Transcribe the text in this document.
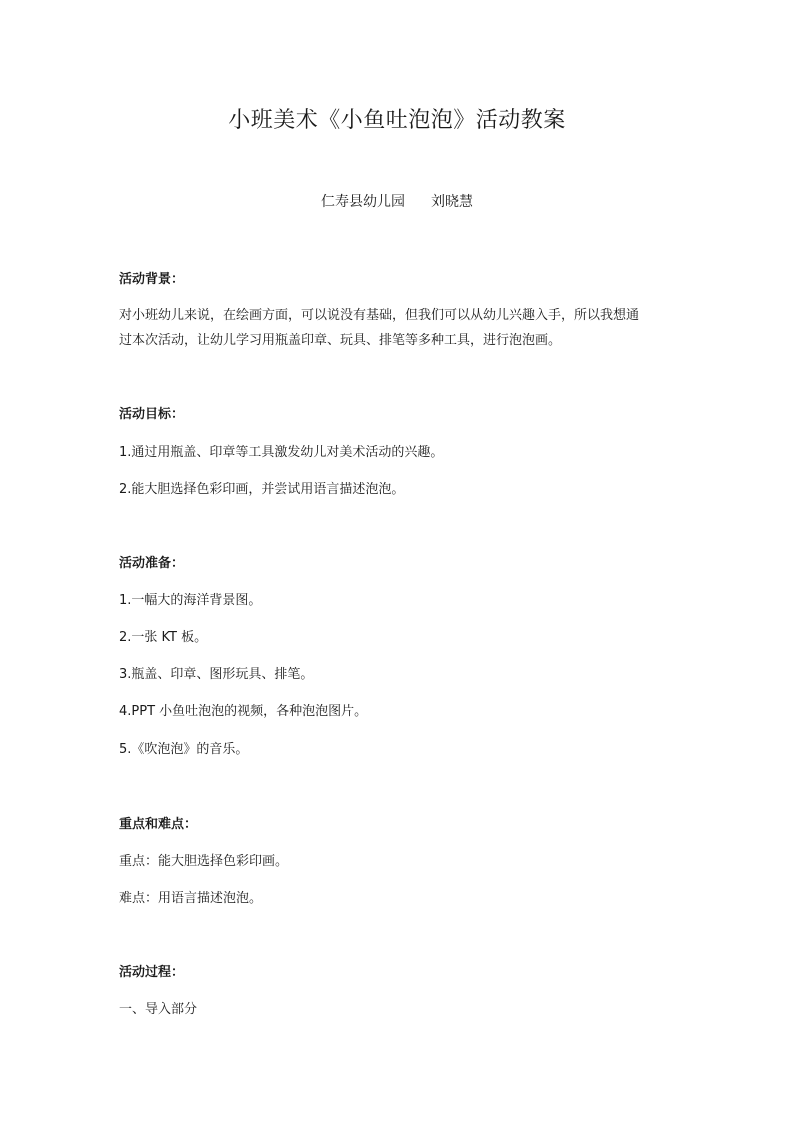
小班美术《小鱼吐泡泡》活动教案
仁寿县幼儿园 刘晓慧
活动背景：
对小班幼儿来说，在绘画方面，可以说没有基础，但我们可以从幼儿兴趣入手，所以我想通
过本次活动，让幼儿学习用瓶盖印章、玩具、排笔等多种工具，进行泡泡画。
活动目标：
1.通过用瓶盖、印章等工具激发幼儿对美术活动的兴趣。
2.能大胆选择色彩印画，并尝试用语言描述泡泡。
活动准备：
1.一幅大的海洋背景图。
2.一张 KT 板。
3.瓶盖、印章、图形玩具、排笔。
4.PPT 小鱼吐泡泡的视频，各种泡泡图片。
5.《吹泡泡》的音乐。
重点和难点：
重点：能大胆选择色彩印画。
难点：用语言描述泡泡。
活动过程：
一、导入部分
